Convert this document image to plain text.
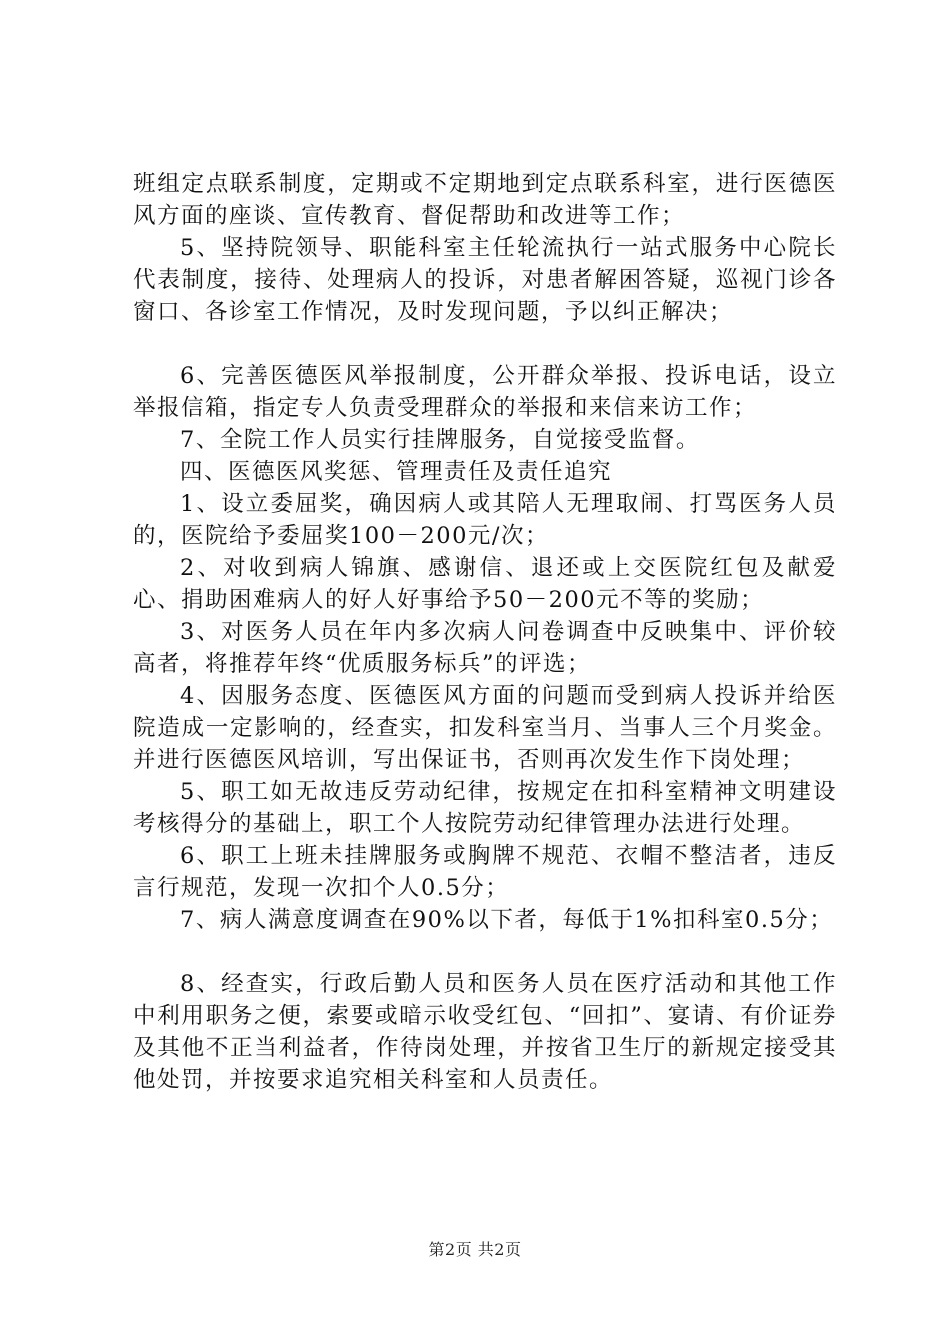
班组定点联系制度，定期或不定期地到定点联系科室，进行医德医风方面的座谈、宣传教育、督促帮助和改进等工作；

5、坚持院领导、职能科室主任轮流执行一站式服务中心院长代表制度，接待、处理病人的投诉，对患者解困答疑，巡视门诊各窗口、各诊室工作情况，及时发现问题，予以纠正解决；

6、完善医德医风举报制度，公开群众举报、投诉电话，设立举报信箱，指定专人负责受理群众的举报和来信来访工作；

7、全院工作人员实行挂牌服务，自觉接受监督。

四、医德医风奖惩、管理责任及责任追究

1、设立委屈奖，确因病人或其陪人无理取闹、打骂医务人员的，医院给予委屈奖100－200元/次；

2、对收到病人锦旗、感谢信、退还或上交医院红包及献爱心、捐助困难病人的好人好事给予50－200元不等的奖励；

3、对医务人员在年内多次病人问卷调查中反映集中、评价较高者，将推荐年终“优质服务标兵”的评选；

4、因服务态度、医德医风方面的问题而受到病人投诉并给医院造成一定影响的，经查实，扣发科室当月、当事人三个月奖金。并进行医德医风培训，写出保证书，否则再次发生作下岗处理；

5、职工如无故违反劳动纪律，按规定在扣科室精神文明建设考核得分的基础上，职工个人按院劳动纪律管理办法进行处理。

6、职工上班未挂牌服务或胸牌不规范、衣帽不整洁者，违反言行规范，发现一次扣个人0.5分；

7、病人满意度调查在90%以下者，每低于1%扣科室0.5分；

8、经查实，行政后勤人员和医务人员在医疗活动和其他工作中利用职务之便，索要或暗示收受红包、“回扣”、宴请、有价证券及其他不正当利益者，作待岗处理，并按省卫生厅的新规定接受其他处罚，并按要求追究相关科室和人员责任。

第2页 共2页
